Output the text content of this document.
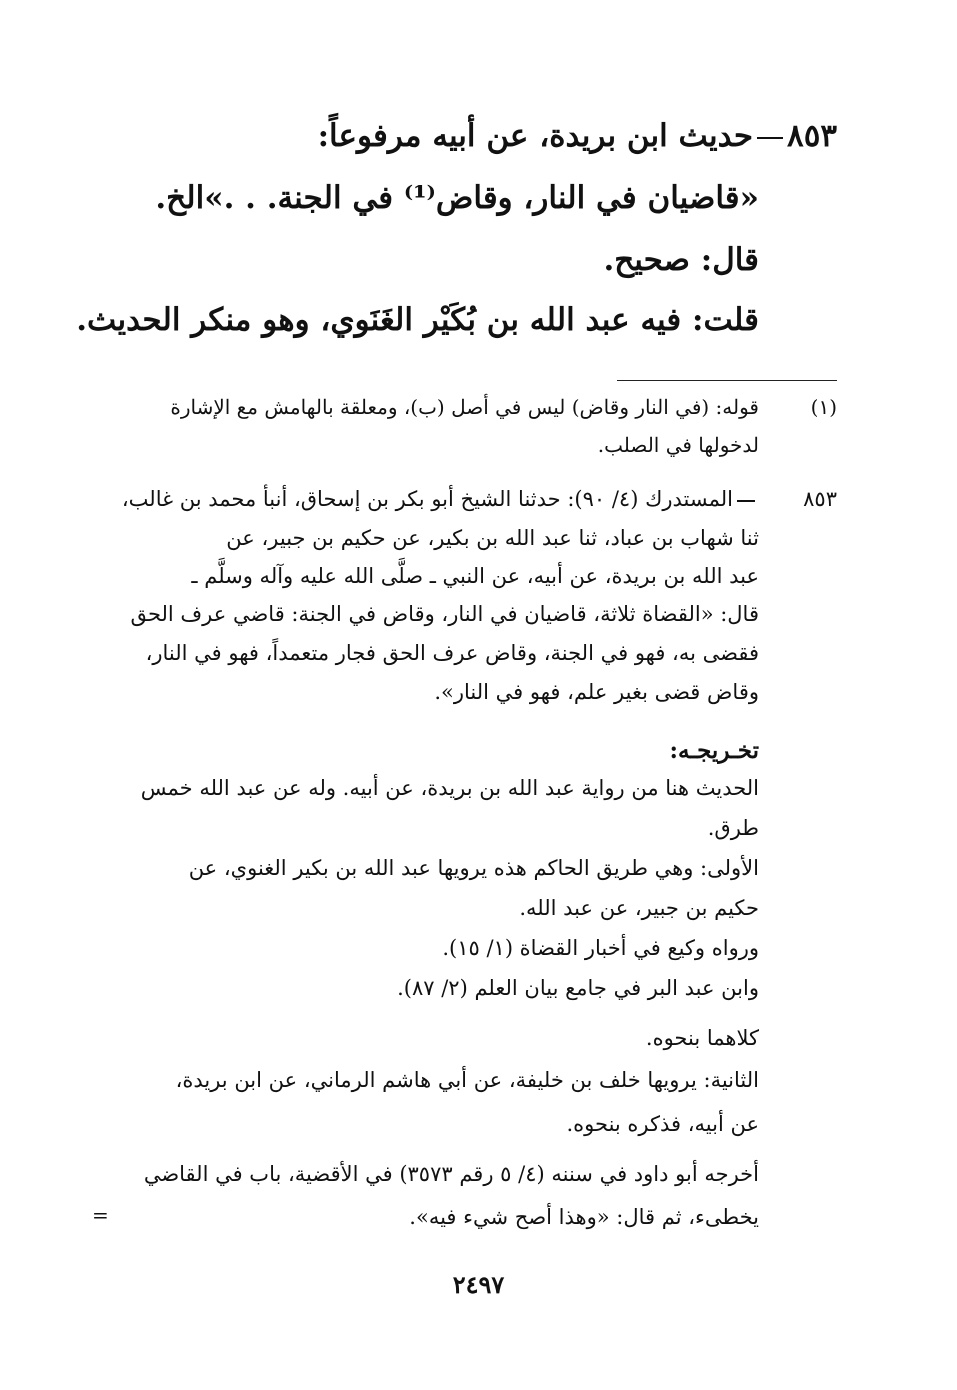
٨٥٣حديث ابن بريدة، عن أبيه مرفوعاً:
«قاضيان في النار، وقاض⁽¹⁾ في الجنة. . .»الخ.
قال: صحيح.
قلت: فيه عبد الله بن بُكَيْر الغَنَوي، وهو منكر الحديث.
(١)
قوله: (في النار وقاض) ليس في أصل (ب)، ومعلقة بالهامش مع الإشارة
لدخولها في الصلب.
٨٥٣
المستدرك (٤/ ٩٠): حدثنا الشيخ أبو بكر بن إسحاق، أنبأ محمد بن غالب،
ثنا شهاب بن عباد، ثنا عبد الله بن بكير، عن حكيم بن جبير، عن
عبد الله بن بريدة، عن أبيه، عن النبي ـ صلَّى الله عليه وآله وسلَّم ـ
قال: «القضاة ثلاثة، قاضيان في النار، وقاض في الجنة: قاضي عرف الحق
فقضى به، فهو في الجنة، وقاض عرف الحق فجار متعمداً، فهو في النار،
وقاض قضى بغير علم، فهو في النار».
تخـريجـه:
الحديث هنا من رواية عبد الله بن بريدة، عن أبيه. وله عن عبد الله خمس
طرق.
الأولى: وهي طريق الحاكم هذه يرويها عبد الله بن بكير الغنوي، عن
حكيم بن جبير، عن عبد الله.
ورواه وكيع في أخبار القضاة (١/ ١٥).
وابن عبد البر في جامع بيان العلم (٢/ ٨٧).
كلاهما بنحوه.
الثانية: يرويها خلف بن خليفة، عن أبي هاشم الرماني، عن ابن بريدة،
عن أبيه، فذكره بنحوه.
أخرجه أبو داود في سننه (٤/ ٥ رقم ٣٥٧٣) في الأقضية، باب في القاضي
يخطىء، ثم قال: «وهذا أصح شيء فيه».
=
٢٤٩٧
